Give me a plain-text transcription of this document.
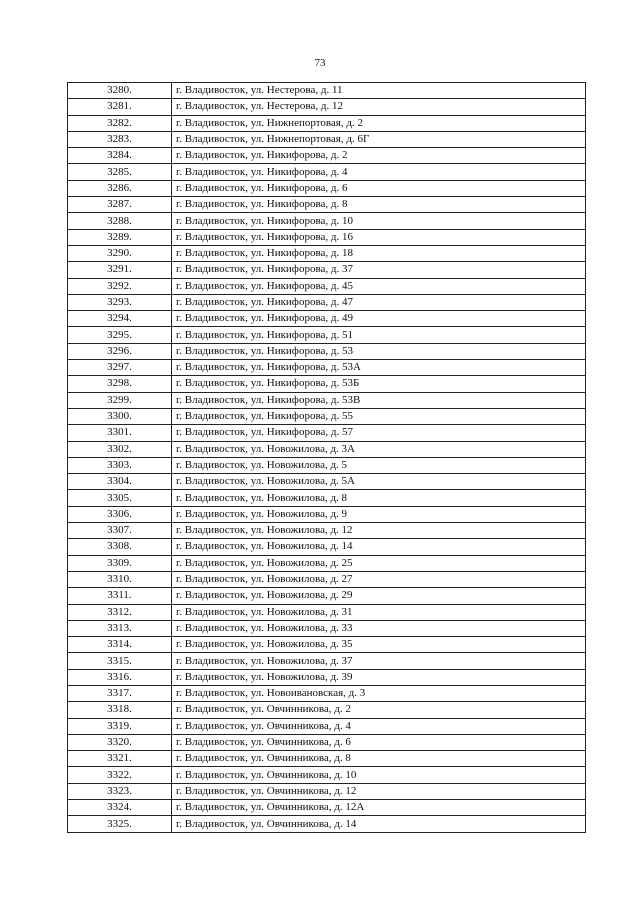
73
3280.	г. Владивосток, ул. Нестерова, д. 11
3281.	г. Владивосток, ул. Нестерова, д. 12
3282.	г. Владивосток, ул. Нижнепортовая, д. 2
3283.	г. Владивосток, ул. Нижнепортовая, д. 6Г
3284.	г. Владивосток, ул. Никифорова, д. 2
3285.	г. Владивосток, ул. Никифорова, д. 4
3286.	г. Владивосток, ул. Никифорова, д. 6
3287.	г. Владивосток, ул. Никифорова, д. 8
3288.	г. Владивосток, ул. Никифорова, д. 10
3289.	г. Владивосток, ул. Никифорова, д. 16
3290.	г. Владивосток, ул. Никифорова, д. 18
3291.	г. Владивосток, ул. Никифорова, д. 37
3292.	г. Владивосток, ул. Никифорова, д. 45
3293.	г. Владивосток, ул. Никифорова, д. 47
3294.	г. Владивосток, ул. Никифорова, д. 49
3295.	г. Владивосток, ул. Никифорова, д. 51
3296.	г. Владивосток, ул. Никифорова, д. 53
3297.	г. Владивосток, ул. Никифорова, д. 53А
3298.	г. Владивосток, ул. Никифорова, д. 53Б
3299.	г. Владивосток, ул. Никифорова, д. 53В
3300.	г. Владивосток, ул. Никифорова, д. 55
3301.	г. Владивосток, ул. Никифорова, д. 57
3302.	г. Владивосток, ул. Новожилова, д. 3А
3303.	г. Владивосток, ул. Новожилова, д. 5
3304.	г. Владивосток, ул. Новожилова, д. 5А
3305.	г. Владивосток, ул. Новожилова, д. 8
3306.	г. Владивосток, ул. Новожилова, д. 9
3307.	г. Владивосток, ул. Новожилова, д. 12
3308.	г. Владивосток, ул. Новожилова, д. 14
3309.	г. Владивосток, ул. Новожилова, д. 25
3310.	г. Владивосток, ул. Новожилова, д. 27
3311.	г. Владивосток, ул. Новожилова, д. 29
3312.	г. Владивосток, ул. Новожилова, д. 31
3313.	г. Владивосток, ул. Новожилова, д. 33
3314.	г. Владивосток, ул. Новожилова, д. 35
3315.	г. Владивосток, ул. Новожилова, д. 37
3316.	г. Владивосток, ул. Новожилова, д. 39
3317.	г. Владивосток, ул. Новоивановская, д. 3
3318.	г. Владивосток, ул. Овчинникова, д. 2
3319.	г. Владивосток, ул. Овчинникова, д. 4
3320.	г. Владивосток, ул. Овчинникова, д. 6
3321.	г. Владивосток, ул. Овчинникова, д. 8
3322.	г. Владивосток, ул. Овчинникова, д. 10
3323.	г. Владивосток, ул. Овчинникова, д. 12
3324.	г. Владивосток, ул. Овчинникова, д. 12А
3325.	г. Владивосток, ул. Овчинникова, д. 14
